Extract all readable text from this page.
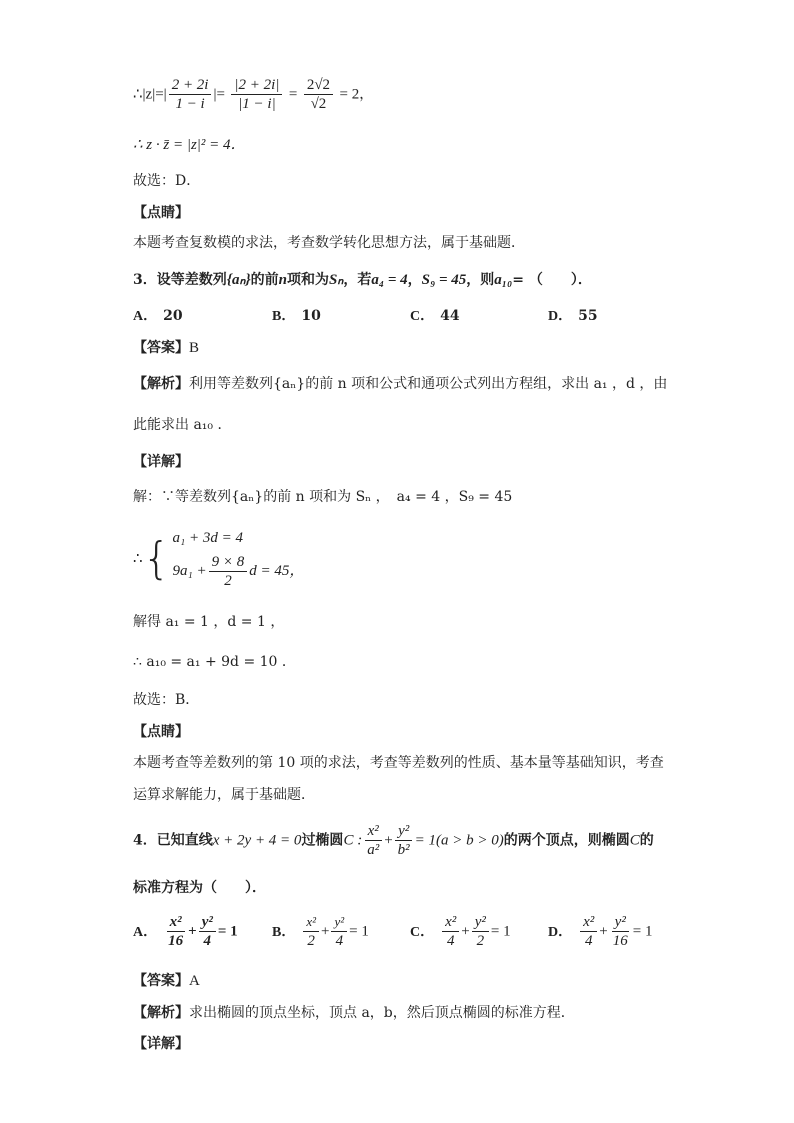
∴|z|=| $\frac{2 + 2i}{1 - i}$ |= $\frac{|2 + 2i|}{|1 - i|} = \frac{2√2}{√2} = 2$，
∴ z · z̄ = |z|² = 4．
故选：D．
【点睛】
本题考查复数模的求法，考查数学转化思想方法，属于基础题．
3．设等差数列{aₙ}的前n项和为Sₙ，若a₄ = 4，S₉ = 45，则a₁₀= （　　）．
A． 20	B． 10	C． 44	D． 55
【答案】B
【解析】利用等差数列{aₙ}的前 n 项和公式和通项公式列出方程组，求出 a₁ ，d ，由
此能求出 a₁₀ ．
【详解】
解：∵等差数列{aₙ}的前 n 项和为 Sₙ ，　a₄ = 4 ，S₉ = 45
∴ { a₁ + 3d = 4
$9a_1 + \frac{9 \times 8}{2}$ d = 45，
解得 a₁ = 1 ，d = 1 ，
∴ a₁₀ = a₁ + 9d = 10 ．
故选：B．
【点睛】
本题考查等差数列的第 10 项的求法，考查等差数列的性质、基本量等基础知识，考查
运算求解能力，属于基础题．
4．已知直线x + 2y + 4 = 0过椭圆C : $\frac{\text{x²}}{\text{a²}} + \frac{\text{y²}}{\text{b²}} = 1(a > b > 0)$的两个顶点，则椭圆C的
标准方程为（　　）．
A． $\frac{\text{x²}}{16} + \frac{\text{y²}}{4} = 1$ B． $\frac{\text{x²}}{2} + \frac{\text{y²}}{4} = 1$	C． $\frac{\text{x²}}{4} + \frac{\text{y²}}{2} = 1$	D． $\frac{\text{x²}}{4} + \frac{\text{y²}}{16} = 1$
【答案】A
【解析】求出椭圆的顶点坐标，顶点 a，b，然后顶点椭圆的标准方程．
【详解】
